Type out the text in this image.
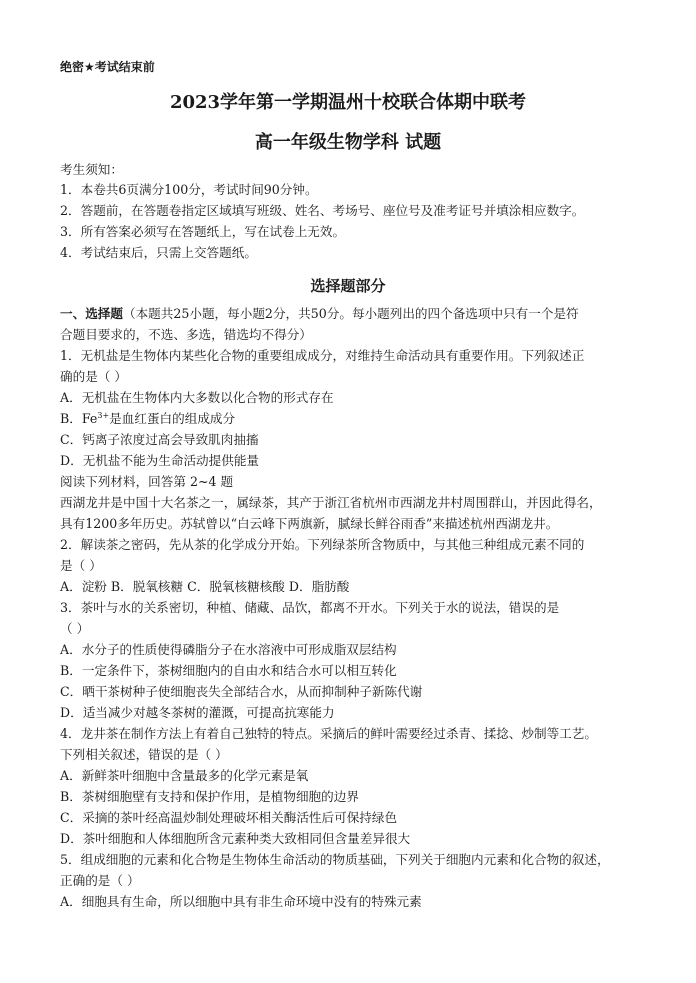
绝密★考试结束前
2023学年第一学期温州十校联合体期中联考
高一年级生物学科 试题
考生须知：
1．本卷共6页满分100分，考试时间90分钟。
2．答题前，在答题卷指定区域填写班级、姓名、考场号、座位号及准考证号并填涂相应数字。
3．所有答案必须写在答题纸上，写在试卷上无效。
4．考试结束后，只需上交答题纸。
选择题部分
一、选择题（本题共25小题，每小题2分，共50分。每小题列出的四个备选项中只有一个是符
合题目要求的，不选、多选，错选均不得分）
1．无机盐是生物体内某些化合物的重要组成成分，对维持生命活动具有重要作用。下列叙述正
确的是（ ）
A．无机盐在生物体内大多数以化合物的形式存在
B．$Fe^{3+}$是血红蛋白的组成成分
C．钙离子浓度过高会导致肌肉抽搐
D．无机盐不能为生命活动提供能量
阅读下列材料，回答第 2~4 题
西湖龙井是中国十大名茶之一，属绿茶，其产于浙江省杭州市西湖龙井村周围群山，并因此得名，
具有1200多年历史。苏轼曾以“白云峰下两旗新，腻绿长鲜谷雨香”来描述杭州西湖龙井。
2．解读茶之密码，先从茶的化学成分开始。下列绿茶所含物质中，与其他三种组成元素不同的
是（ ）
A．淀粉 B．脱氧核糖 C．脱氧核糖核酸 D．脂肪酸
3．茶叶与水的关系密切，种植、储藏、品饮，都离不开水。下列关于水的说法，错误的是
（ ）
A．水分子的性质使得磷脂分子在水溶液中可形成脂双层结构
B．一定条件下，茶树细胞内的自由水和结合水可以相互转化
C．晒干茶树种子使细胞丧失全部结合水，从而抑制种子新陈代谢
D．适当减少对越冬茶树的灌溉，可提高抗寒能力
4．龙井茶在制作方法上有着自己独特的特点。采摘后的鲜叶需要经过杀青、揉捻、炒制等工艺。
下列相关叙述，错误的是（ ）
A．新鲜茶叶细胞中含量最多的化学元素是氧
B．茶树细胞壁有支持和保护作用，是植物细胞的边界
C．采摘的茶叶经高温炒制处理破坏相关酶活性后可保持绿色
D．茶叶细胞和人体细胞所含元素种类大致相同但含量差异很大
5．组成细胞的元素和化合物是生物体生命活动的物质基础，下列关于细胞内元素和化合物的叙述，
正确的是（ ）
A．细胞具有生命，所以细胞中具有非生命环境中没有的特殊元素
